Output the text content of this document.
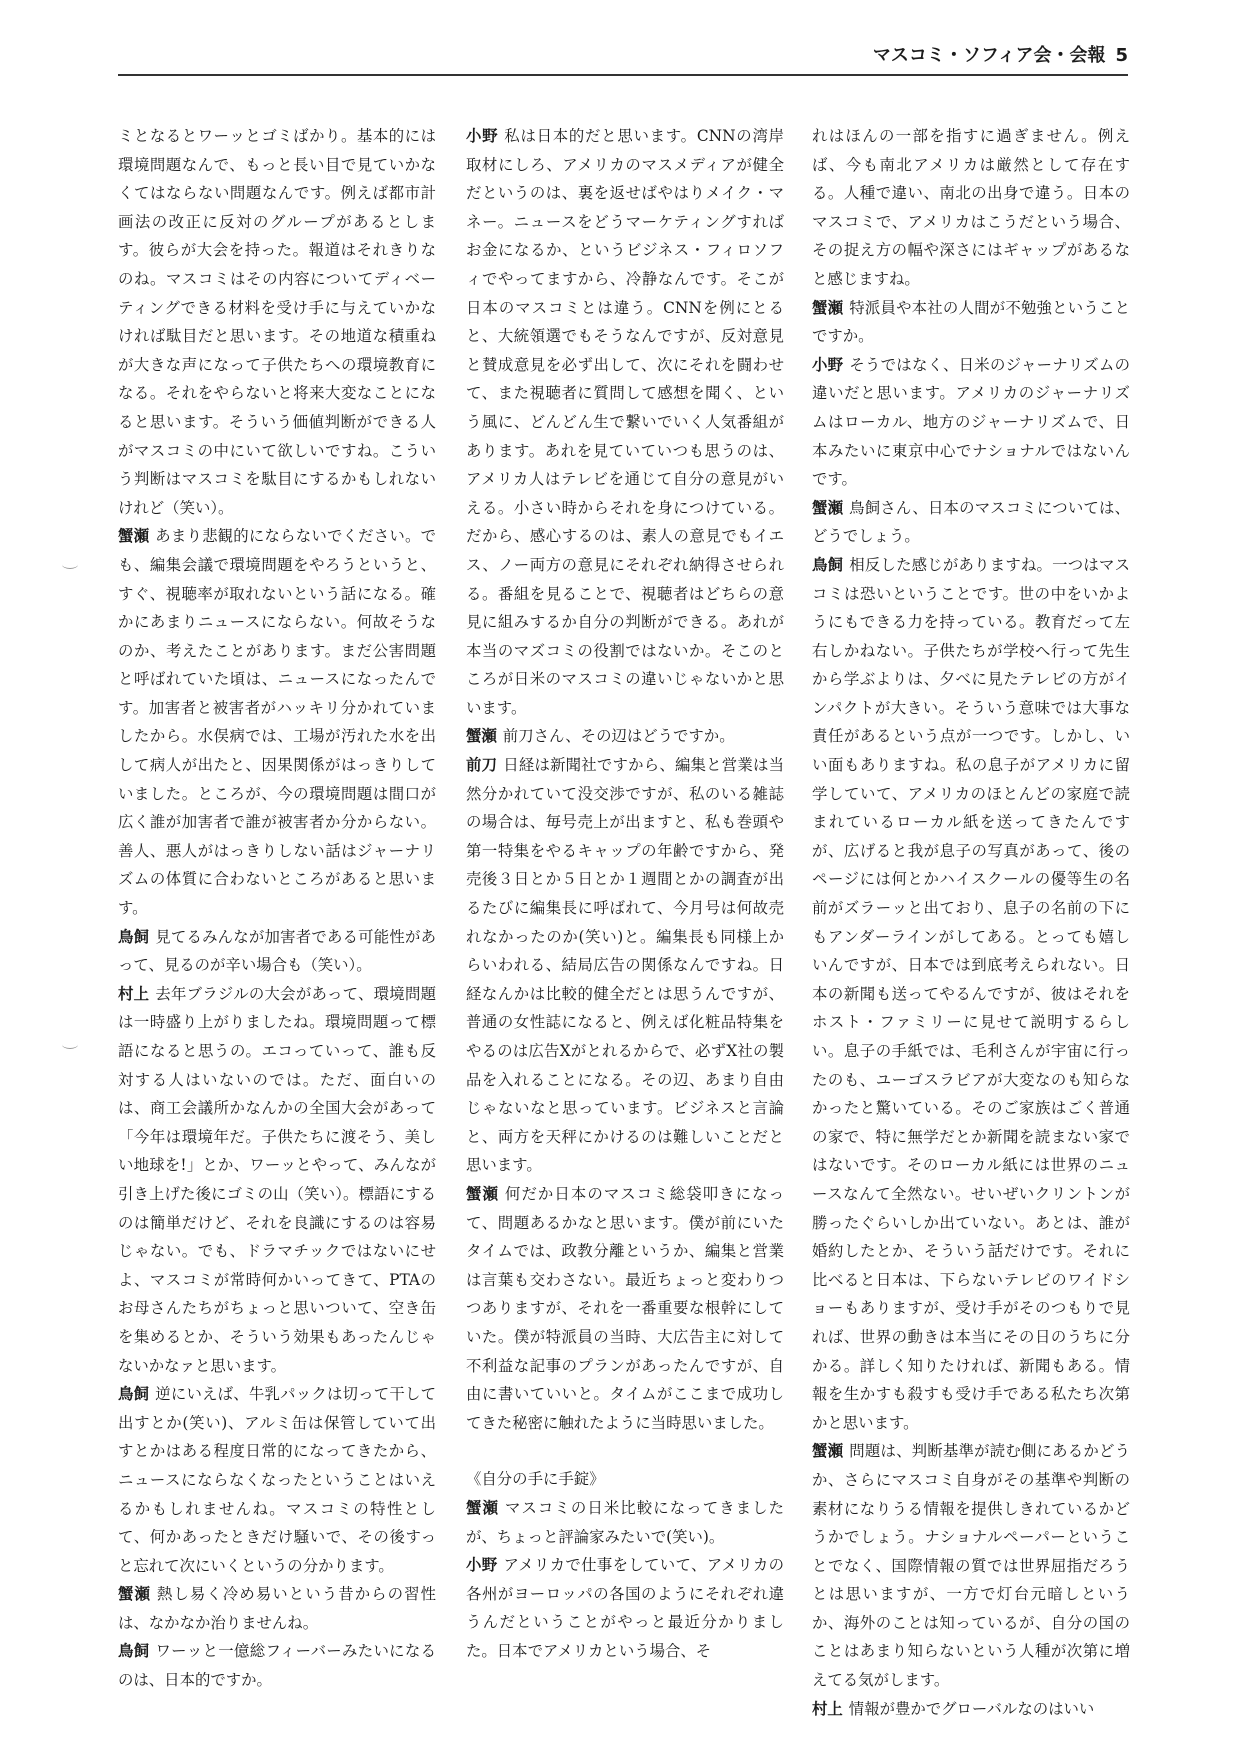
マスコミ・ソフィア会・会報 5

ミとなるとワーッとゴミばかり。基本的には環境問題なんで、もっと長い目で見ていかなくてはならない問題なんです。例えば都市計画法の改正に反対のグループがあるとします。彼らが大会を持った。報道はそれきりなのね。マスコミはその内容についてディベーティングできる材料を受け手に与えていかなければ駄目だと思います。その地道な積重ねが大きな声になって子供たちへの環境教育になる。それをやらないと将来大変なことになると思います。そういう価値判断ができる人がマスコミの中にいて欲しいですね。こういう判断はマスコミを駄目にするかもしれないけれど（笑い）。

蟹瀬 あまり悲観的にならないでください。でも、編集会議で環境問題をやろうというと、すぐ、視聴率が取れないという話になる。確かにあまりニュースにならない。何故そうなのか、考えたことがあります。まだ公害問題と呼ばれていた頃は、ニュースになったんです。加害者と被害者がハッキリ分かれていましたから。水俣病では、工場が汚れた水を出して病人が出たと、因果関係がはっきりしていました。ところが、今の環境問題は間口が広く誰が加害者で誰が被害者か分からない。善人、悪人がはっきりしない話はジャーナリズムの体質に合わないところがあると思います。

鳥飼 見てるみんなが加害者である可能性があって、見るのが辛い場合も（笑い）。

村上 去年ブラジルの大会があって、環境問題は一時盛り上がりましたね。環境問題って標語になると思うの。エコっていって、誰も反対する人はいないのでは。ただ、面白いのは、商工会議所かなんかの全国大会があって「今年は環境年だ。子供たちに渡そう、美しい地球を!」とか、ワーッとやって、みんなが引き上げた後にゴミの山（笑い）。標語にするのは簡単だけど、それを良識にするのは容易じゃない。でも、ドラマチックではないにせよ、マスコミが常時何かいってきて、PTAのお母さんたちがちょっと思いついて、空き缶を集めるとか、そういう効果もあったんじゃないかなァと思います。

鳥飼 逆にいえば、牛乳パックは切って干して出すとか(笑い)、アルミ缶は保管していて出すとかはある程度日常的になってきたから、ニュースにならなくなったということはいえるかもしれませんね。マスコミの特性として、何かあったときだけ騒いで、その後すっと忘れて次にいくというの分かります。

蟹瀬 熱し易く冷め易いという昔からの習性は、なかなか治りませんね。

鳥飼 ワーッと一億総フィーバーみたいになるのは、日本的ですか。

小野 私は日本的だと思います。CNNの湾岸取材にしろ、アメリカのマスメディアが健全だというのは、裏を返せばやはりメイク・マネー。ニュースをどうマーケティングすればお金になるか、というビジネス・フィロソフィでやってますから、冷静なんです。そこが日本のマスコミとは違う。CNNを例にとると、大統領選でもそうなんですが、反対意見と賛成意見を必ず出して、次にそれを闘わせて、また視聴者に質問して感想を聞く、という風に、どんどん生で繋いでいく人気番組があります。あれを見ていていつも思うのは、アメリカ人はテレビを通じて自分の意見がいえる。小さい時からそれを身につけている。だから、感心するのは、素人の意見でもイエス、ノー両方の意見にそれぞれ納得させられる。番組を見ることで、視聴者はどちらの意見に組みするか自分の判断ができる。あれが本当のマズコミの役割ではないか。そこのところが日米のマスコミの違いじゃないかと思います。

蟹瀬 前刀さん、その辺はどうですか。

前刀 日経は新聞社ですから、編集と営業は当然分かれていて没交渉ですが、私のいる雑誌の場合は、毎号売上が出ますと、私も巻頭や第一特集をやるキャップの年齢ですから、発売後３日とか５日とか１週間とかの調査が出るたびに編集長に呼ばれて、今月号は何故売れなかったのか(笑い)と。編集長も同様上からいわれる、結局広告の関係なんですね。日経なんかは比較的健全だとは思うんですが、普通の女性誌になると、例えば化粧品特集をやるのは広告Xがとれるからで、必ずX社の製品を入れることになる。その辺、あまり自由じゃないなと思っています。ビジネスと言論と、両方を天秤にかけるのは難しいことだと思います。

蟹瀬 何だか日本のマスコミ総袋叩きになって、問題あるかなと思います。僕が前にいたタイムでは、政教分離というか、編集と営業は言葉も交わさない。最近ちょっと変わりつつありますが、それを一番重要な根幹にしていた。僕が特派員の当時、大広告主に対して不利益な記事のプランがあったんですが、自由に書いていいと。タイムがここまで成功してきた秘密に触れたように当時思いました。

《自分の手に手錠》

蟹瀬 マスコミの日米比較になってきましたが、ちょっと評論家みたいで(笑い)。

小野 アメリカで仕事をしていて、アメリカの各州がヨーロッパの各国のようにそれぞれ違うんだということがやっと最近分かりました。日本でアメリカという場合、そ

れはほんの一部を指すに過ぎません。例えば、今も南北アメリカは厳然として存在する。人種で違い、南北の出身で違う。日本のマスコミで、アメリカはこうだという場合、その捉え方の幅や深さにはギャップがあるなと感じますね。

蟹瀬 特派員や本社の人間が不勉強ということですか。

小野 そうではなく、日米のジャーナリズムの違いだと思います。アメリカのジャーナリズムはローカル、地方のジャーナリズムで、日本みたいに東京中心でナショナルではないんです。

蟹瀬 鳥飼さん、日本のマスコミについては、どうでしょう。

鳥飼 相反した感じがありますね。一つはマスコミは恐いということです。世の中をいかようにもできる力を持っている。教育だって左右しかねない。子供たちが学校へ行って先生から学ぶよりは、夕べに見たテレビの方がインパクトが大きい。そういう意味では大事な責任があるという点が一つです。しかし、いい面もありますね。私の息子がアメリカに留学していて、アメリカのほとんどの家庭で読まれているローカル紙を送ってきたんですが、広げると我が息子の写真があって、後のページには何とかハイスクールの優等生の名前がズラーッと出ており、息子の名前の下にもアンダーラインがしてある。とっても嬉しいんですが、日本では到底考えられない。日本の新聞も送ってやるんですが、彼はそれをホスト・ファミリーに見せて説明するらしい。息子の手紙では、毛利さんが宇宙に行ったのも、ユーゴスラビアが大変なのも知らなかったと驚いている。そのご家族はごく普通の家で、特に無学だとか新聞を読まない家ではないです。そのローカル紙には世界のニュースなんて全然ない。せいぜいクリントンが勝ったぐらいしか出ていない。あとは、誰が婚約したとか、そういう話だけです。それに比べると日本は、下らないテレビのワイドショーもありますが、受け手がそのつもりで見れば、世界の動きは本当にその日のうちに分かる。詳しく知りたければ、新聞もある。情報を生かすも殺すも受け手である私たち次第かと思います。

蟹瀬 問題は、判断基準が読む側にあるかどうか、さらにマスコミ自身がその基準や判断の素材になりうる情報を提供しきれているかどうかでしょう。ナショナルペーパーということでなく、国際情報の質では世界屈指だろうとは思いますが、一方で灯台元暗しというか、海外のことは知っているが、自分の国のことはあまり知らないという人種が次第に増えてる気がします。

村上 情報が豊かでグローバルなのはいい
